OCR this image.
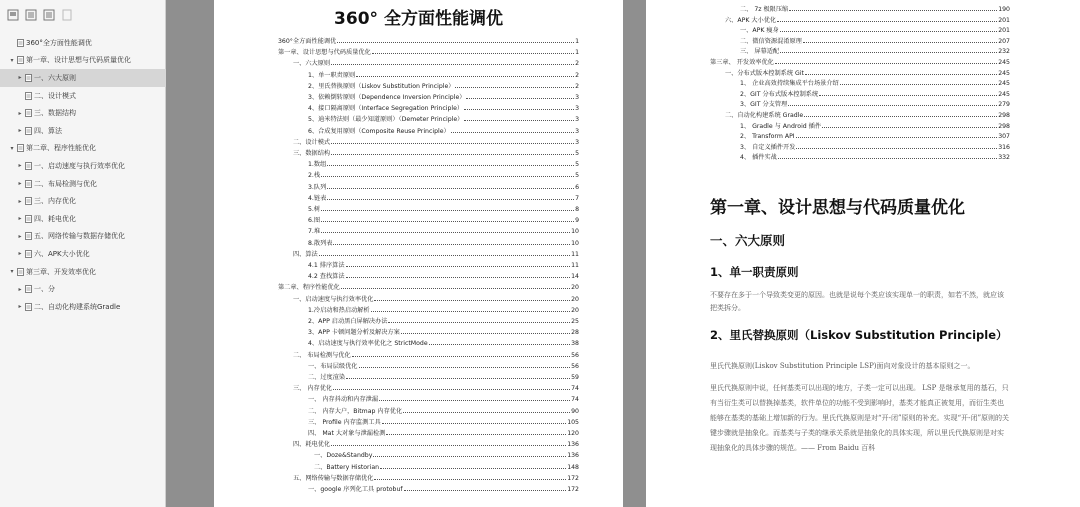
360°全方面性能调优
▾	第一章、设计思想与代码质量优化
▸	一、六大原则
二、设计模式
▸	三、数据结构
▸	四、算法
▾	第二章、程序性能优化
▸	一、启动速度与执行效率优化
▸	二、布局检测与优化
▸	三、内存优化
▸	四、耗电优化
▸	五、网络传输与数据存储优化
▸	六、APK大小优化
▾	第三章、开发效率优化
▸	一、分
▸	二、自动化构建系统Gradle
360° 全方面性能调优
360°全方面性能调优	1
第一章、设计思想与代码质量优化	1
一、六大原则	2
1、单一职责原则	2
2、里氏替换原则（Liskov Substitution Principle）	2
3、依赖倒转原则（Dependence Inversion Principle）	3
4、接口隔离原则（Interface Segregation Principle）	3
5、迪米特法则（最少知道原则）（Demeter Principle）	3
6、合成复用原则（Composite Reuse Principle）	3
二、设计模式	3
三、数据结构	5
1.数组	5
2.栈	5
3.队列	6
4.链表	7
5.树	8
6.图	9
7.堆	10
8.散列表	10
四、算法	11
4.1 排序算法	11
4.2 查找算法	14
第二章、程序性能优化	20
一、启动速度与执行效率优化	20
1.冷启动和热启动解析	20
2、APP 启动黑白屏解决办法	25
3、APP 卡顿问题分析及解决方案	28
4、启动速度与执行效率优化之 StrictMode	38
二、 布局检测与优化	56
一、布局层级优化	56
二、过度渲染	59
三、 内存优化	74
一、 内存抖动和内存泄漏	74
二、 内存大户，Bitmap 内存优化	90
三、 Profile 内存监测工具	105
四、 Mat 大对象与泄漏检测	120
四、耗电优化	136
一、Doze&Standby	136
二、Battery Historian	148
五、网络传输与数据存储优化	172
一、google 序列化工具 protobuf	172
二、 7z 极限压缩	190
六、APK 大小优化	201
一、APK 瘦身	201
二、微信资源混淆原理	207
三、 屏幕适配	232
第三章、 开发效率优化	245
一、分布式版本控制系统 Git	245
1、 企业高效持续集成平台场景介绍	245
2、GIT 分布式版本控制系统	245
3、GIT 分支管理	279
二、自动化构建系统 Gradle	298
1、 Gradle 与 Android 插件	298
2、 Transform API	307
3、 自定义插件开发	316
4、 插件实战	332
第一章、设计思想与代码质量优化
一、六大原则
1、单一职责原则
不要存在多于一个导致类变更的原因。也就是说每个类应该实现单一的职责，如若不然，就应该把类拆分。
2、里氏替换原则（Liskov Substitution Principle）
里氏代换原则(Liskov Substitution Principle LSP)面向对象设计的基本原则之一。
里氏代换原则中说，任何基类可以出现的地方，子类一定可以出现。 LSP 是继承复用的基石，只有当衍生类可以替换掉基类，软件单位的功能不受到影响时，基类才能真正被复用，而衍生类也能够在基类的基础上增加新的行为。里氏代换原则是对“开-闭”原则的补充。实现“开-闭”原则的关键步骤就是抽象化。而基类与子类的继承关系就是抽象化的具体实现，所以里氏代换原则是对实现抽象化的具体步骤的规范。—— From Baidu 百科
